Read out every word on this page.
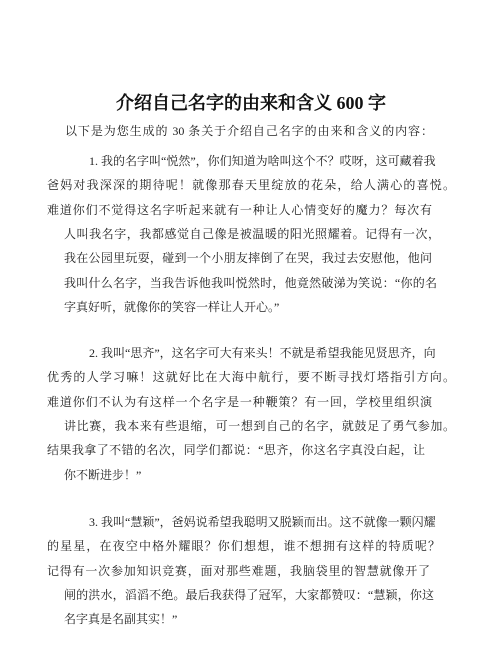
介绍自己名字的由来和含义 600 字
以下是为您生成的 30 条关于介绍自己名字的由来和含义的内容：
1. 我的名字叫“悦然”，你们知道为啥叫这个不？哎呀，这可藏着我
爸妈对我深深的期待呢！就像那春天里绽放的花朵，给人满心的喜悦。
难道你们不觉得这名字听起来就有一种让人心情变好的魔力？每次有
人叫我名字，我都感觉自己像是被温暖的阳光照耀着。记得有一次，
我在公园里玩耍，碰到一个小朋友摔倒了在哭，我过去安慰他，他问
我叫什么名字，当我告诉他我叫悦然时，他竟然破涕为笑说：“你的名
字真好听，就像你的笑容一样让人开心。”
2. 我叫“思齐”，这名字可大有来头！不就是希望我能见贤思齐，向
优秀的人学习嘛！这就好比在大海中航行，要不断寻找灯塔指引方向。
难道你们不认为有这样一个名字是一种鞭策？有一回，学校里组织演
讲比赛，我本来有些退缩，可一想到自己的名字，就鼓足了勇气参加。
结果我拿了不错的名次，同学们都说：“思齐，你这名字真没白起，让
你不断进步！”
3. 我叫“慧颖”，爸妈说希望我聪明又脱颖而出。这不就像一颗闪耀
的星星，在夜空中格外耀眼？你们想想，谁不想拥有这样的特质呢？
记得有一次参加知识竞赛，面对那些难题，我脑袋里的智慧就像开了
闸的洪水，滔滔不绝。最后我获得了冠军，大家都赞叹：“慧颖，你这
名字真是名副其实！”
